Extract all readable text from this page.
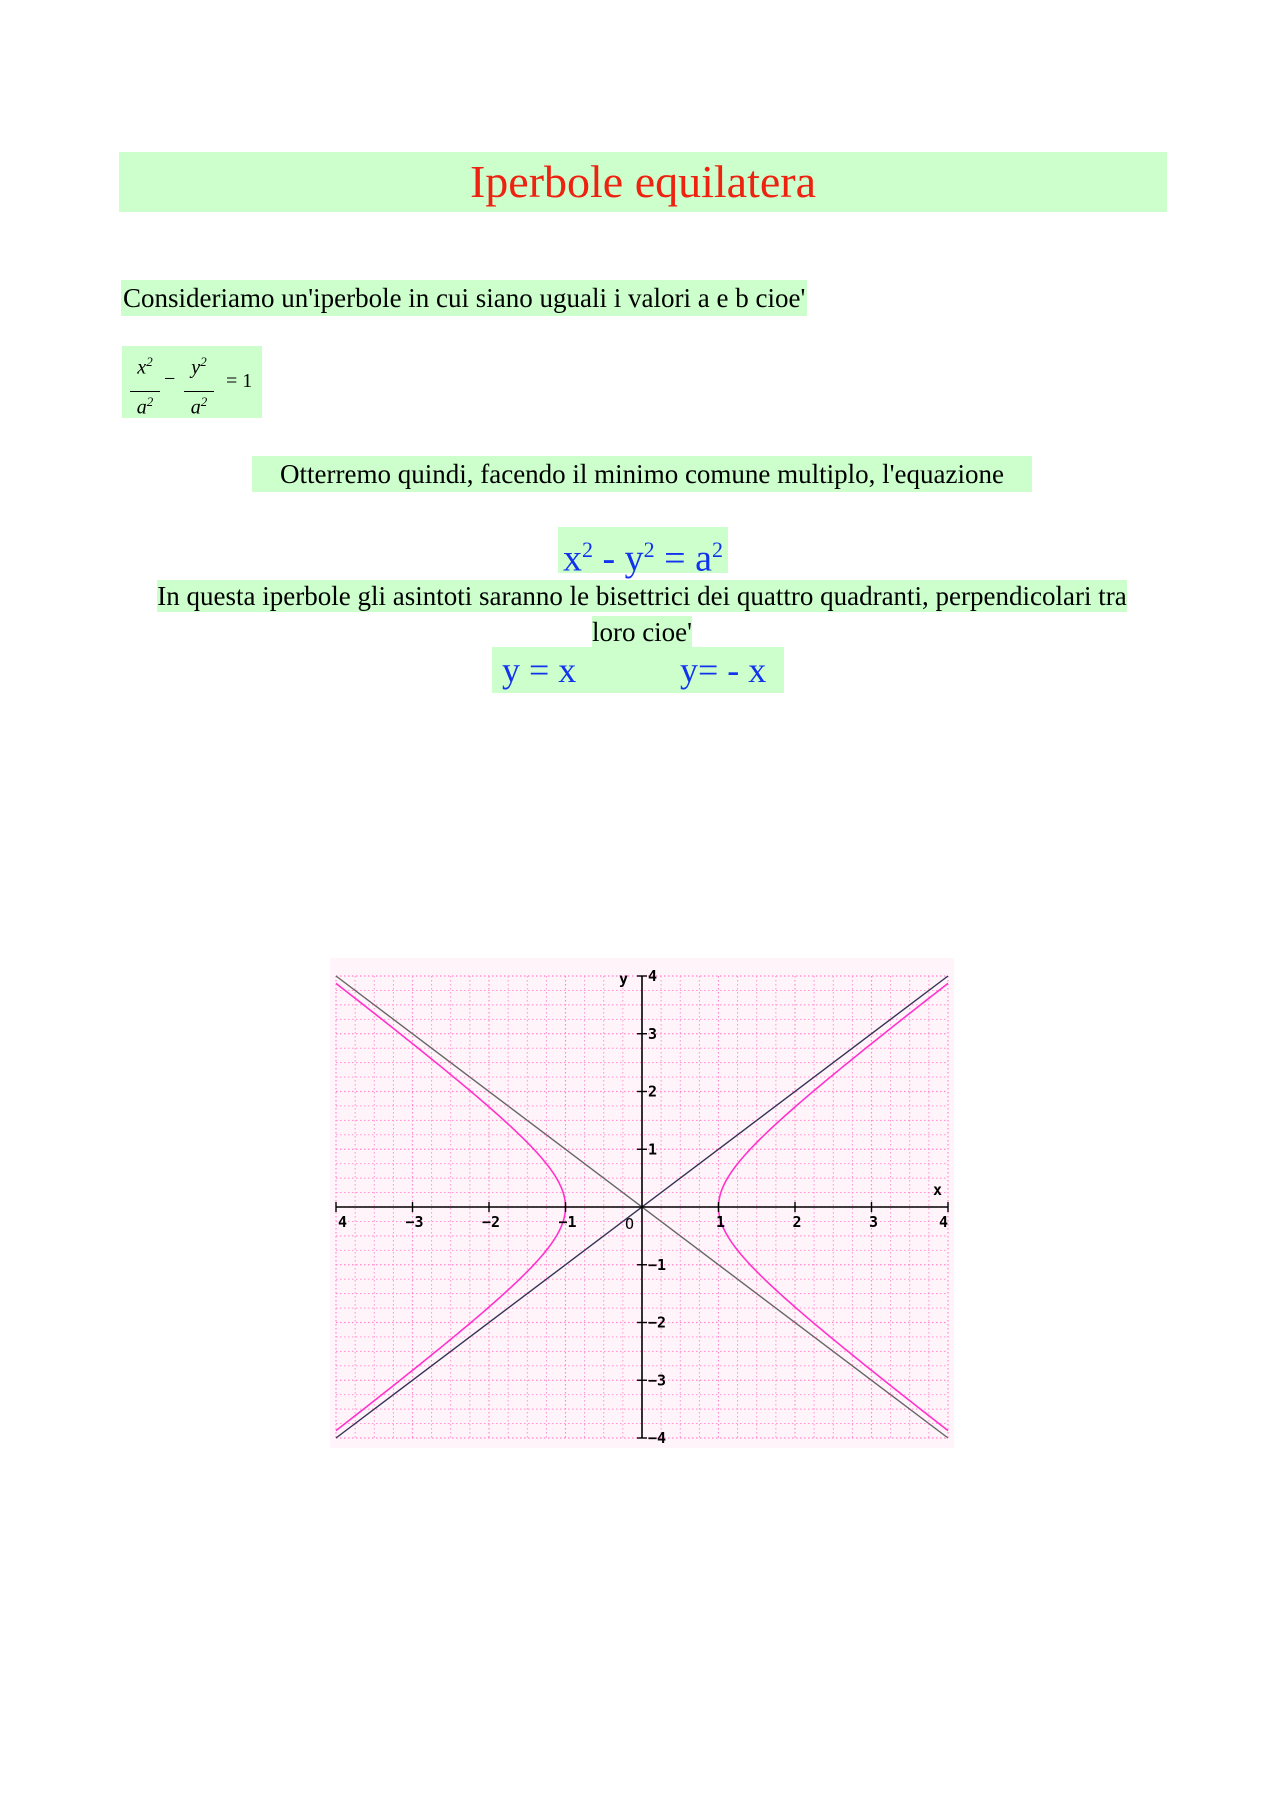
Iperbole equilatera
Consideriamo un'iperbole in cui siano uguali i valori a e b cioe'
$x^2$
$a^2$
−
$y^2$
$a^2$
= 1
Otterremo quindi, facendo il minimo comune multiplo, l'equazione
$x^2 - y^2 = a^2$
In questa iperbole gli asintoti saranno le bisettrici dei quattro quadranti, perpendicolari tra loro cioe'
y = x	y= - x
4	−3	−2	−1	1	2	3	4
−4
−3
−2
−1
1
2
3
4
x
y
O
